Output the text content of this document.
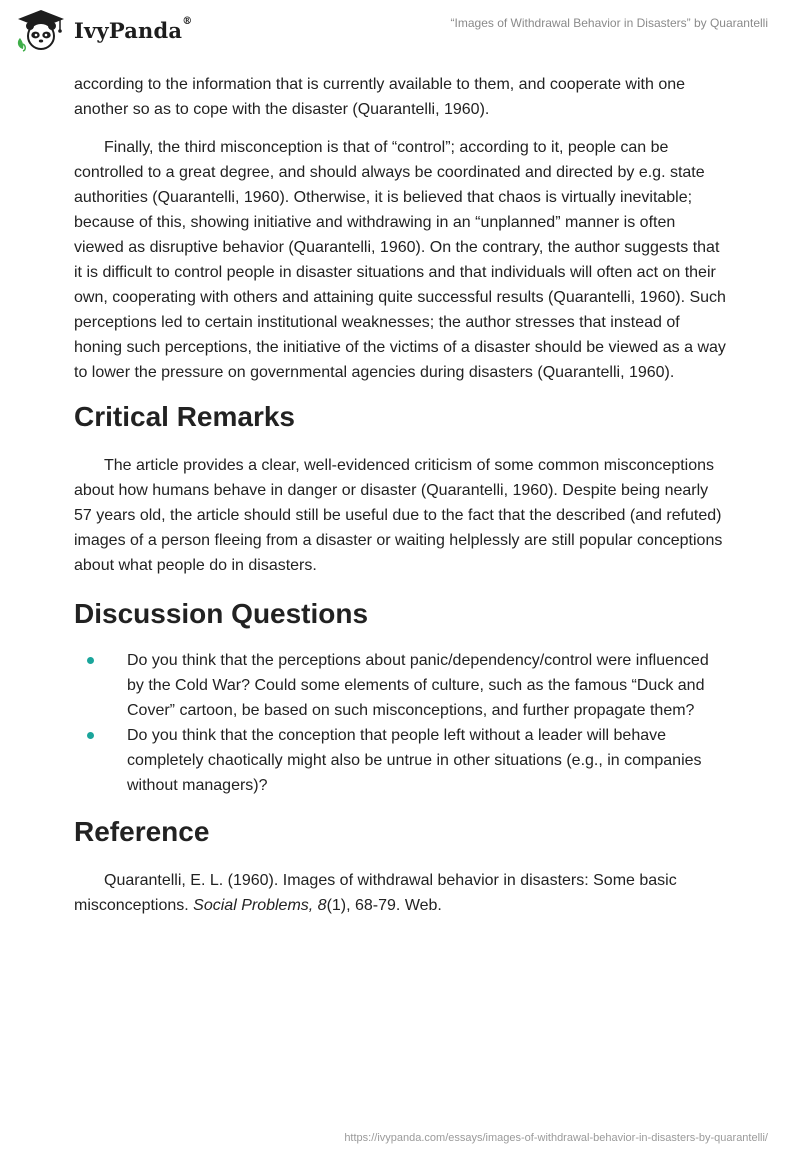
IvyPanda®	“Images of Withdrawal Behavior in Disasters” by Quarantelli

according to the information that is currently available to them, and cooperate with one another so as to cope with the disaster (Quarantelli, 1960).

Finally, the third misconception is that of “control”; according to it, people can be controlled to a great degree, and should always be coordinated and directed by e.g. state authorities (Quarantelli, 1960). Otherwise, it is believed that chaos is virtually inevitable; because of this, showing initiative and withdrawing in an “unplanned” manner is often viewed as disruptive behavior (Quarantelli, 1960). On the contrary, the author suggests that it is difficult to control people in disaster situations and that individuals will often act on their own, cooperating with others and attaining quite successful results (Quarantelli, 1960). Such perceptions led to certain institutional weaknesses; the author stresses that instead of honing such perceptions, the initiative of the victims of a disaster should be viewed as a way to lower the pressure on governmental agencies during disasters (Quarantelli, 1960).

Critical Remarks

The article provides a clear, well-evidenced criticism of some common misconceptions about how humans behave in danger or disaster (Quarantelli, 1960). Despite being nearly 57 years old, the article should still be useful due to the fact that the described (and refuted) images of a person fleeing from a disaster or waiting helplessly are still popular conceptions about what people do in disasters.

Discussion Questions
Do you think that the perceptions about panic/dependency/control were influenced by the Cold War? Could some elements of culture, such as the famous “Duck and Cover” cartoon, be based on such misconceptions, and further propagate them?
Do you think that the conception that people left without a leader will behave completely chaotically might also be untrue in other situations (e.g., in companies without managers)?
Reference

Quarantelli, E. L. (1960). Images of withdrawal behavior in disasters: Some basic misconceptions. Social Problems, 8(1), 68-79. Web.

https://ivypanda.com/essays/images-of-withdrawal-behavior-in-disasters-by-quarantelli/
